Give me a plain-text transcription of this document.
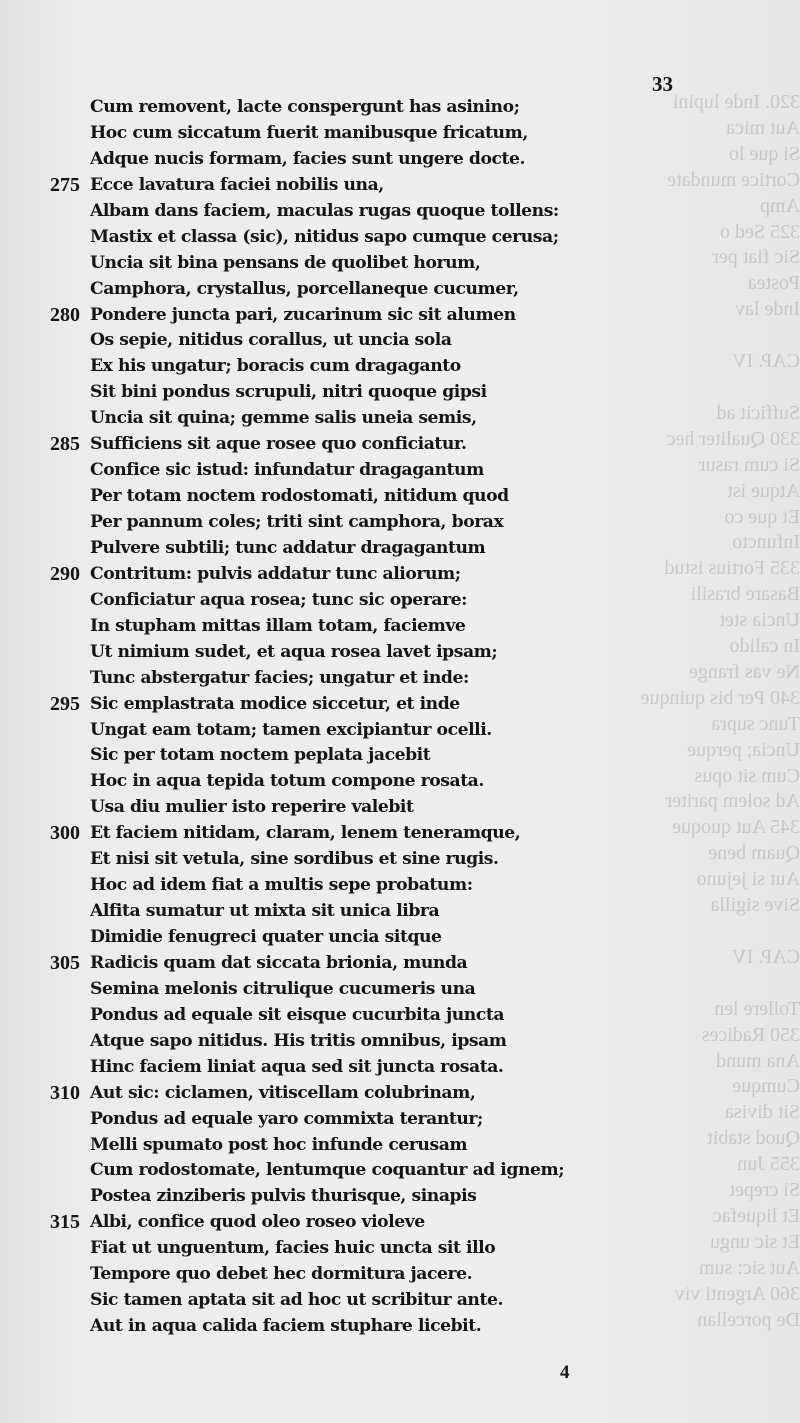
320. Inde lupini
Aut mica
Si que lo
Cortice mundate
Amp
325 Sed o
Sic fiat per
Postea
Inde lav

CAP. IV

Sufficit ad
330 Qualiter hec
Si cum rasur
Atque ist
Et que co
Infuncto
335 Fortius istud
Basare brasili
Uncia stet
In calido
Ne vas frange
340 Per bis quinque
Tunc supra
Uncia; perque
Cum sit opus
Ad solem pariter
345 Aut quoque
Quam bene
Aut si jejuno
Sive sigilla

CAP. IV

Tollere len
350 Radices
Ana mund
Cumque
Sit divisa
Quod stabit
355 Jun
Si crepet
Et liquefac
Et sic ungu
Aut sic: sum
360 Argenti viv
De porcellan
33
Cum removent, lacte conspergunt has asinino;
Hoc cum siccatum fuerit manibusque fricatum,
Adque nucis formam, facies sunt ungere docte.
275 Ecce lavatura faciei nobilis una,
Albam dans faciem, maculas rugas quoque tollens:
Mastix et classa (sic), nitidus sapo cumque cerusa;
Uncia sit bina pensans de quolibet horum,
Camphora, crystallus, porcellaneque cucumer,
280 Pondere juncta pari, zucarinum sic sit alumen
Os sepie, nitidus corallus, ut uncia sola
Ex his ungatur; boracis cum dragaganto
Sit bini pondus scrupuli, nitri quoque gipsi
Uncia sit quina; gemme salis uneia semis,
285 Sufficiens sit aque rosee quo conficiatur.
Confice sic istud: infundatur dragagantum
Per totam noctem rodostomati, nitidum quod
Per pannum coles; triti sint camphora, borax
Pulvere subtili; tunc addatur dragagantum
290 Contritum: pulvis addatur tunc aliorum;
Conficiatur aqua rosea; tunc sic operare:
In stupham mittas illam totam, faciemve
Ut nimium sudet, et aqua rosea lavet ipsam;
Tunc abstergatur facies; ungatur et inde:
295 Sic emplastrata modice siccetur, et inde
Ungat eam totam; tamen excipiantur ocelli.
Sic per totam noctem peplata jacebit
Hoc in aqua tepida totum compone rosata.
Usa diu mulier isto reperire valebit
300 Et faciem nitidam, claram, lenem teneramque,
Et nisi sit vetula, sine sordibus et sine rugis.
Hoc ad idem fiat a multis sepe probatum:
Alfita sumatur ut mixta sit unica libra
Dimidie fenugreci quater uncia sitque
305 Radicis quam dat siccata brionia, munda
Semina melonis citrulique cucumeris una
Pondus ad equale sit eisque cucurbita juncta
Atque sapo nitidus. His tritis omnibus, ipsam
Hinc faciem liniat aqua sed sit juncta rosata.
310 Aut sic: ciclamen, vitiscellam colubrinam,
Pondus ad equale yaro commixta terantur;
Melli spumato post hoc infunde cerusam
Cum rodostomate, lentumque coquantur ad ignem;
Postea zinziberis pulvis thurisque, sinapis
315 Albi, confice quod oleo roseo violeve
Fiat ut unguentum, facies huic uncta sit illo
Tempore quo debet hec dormitura jacere.
Sic tamen aptata sit ad hoc ut scribitur ante.
Aut in aqua calida faciem stuphare licebit.
4
